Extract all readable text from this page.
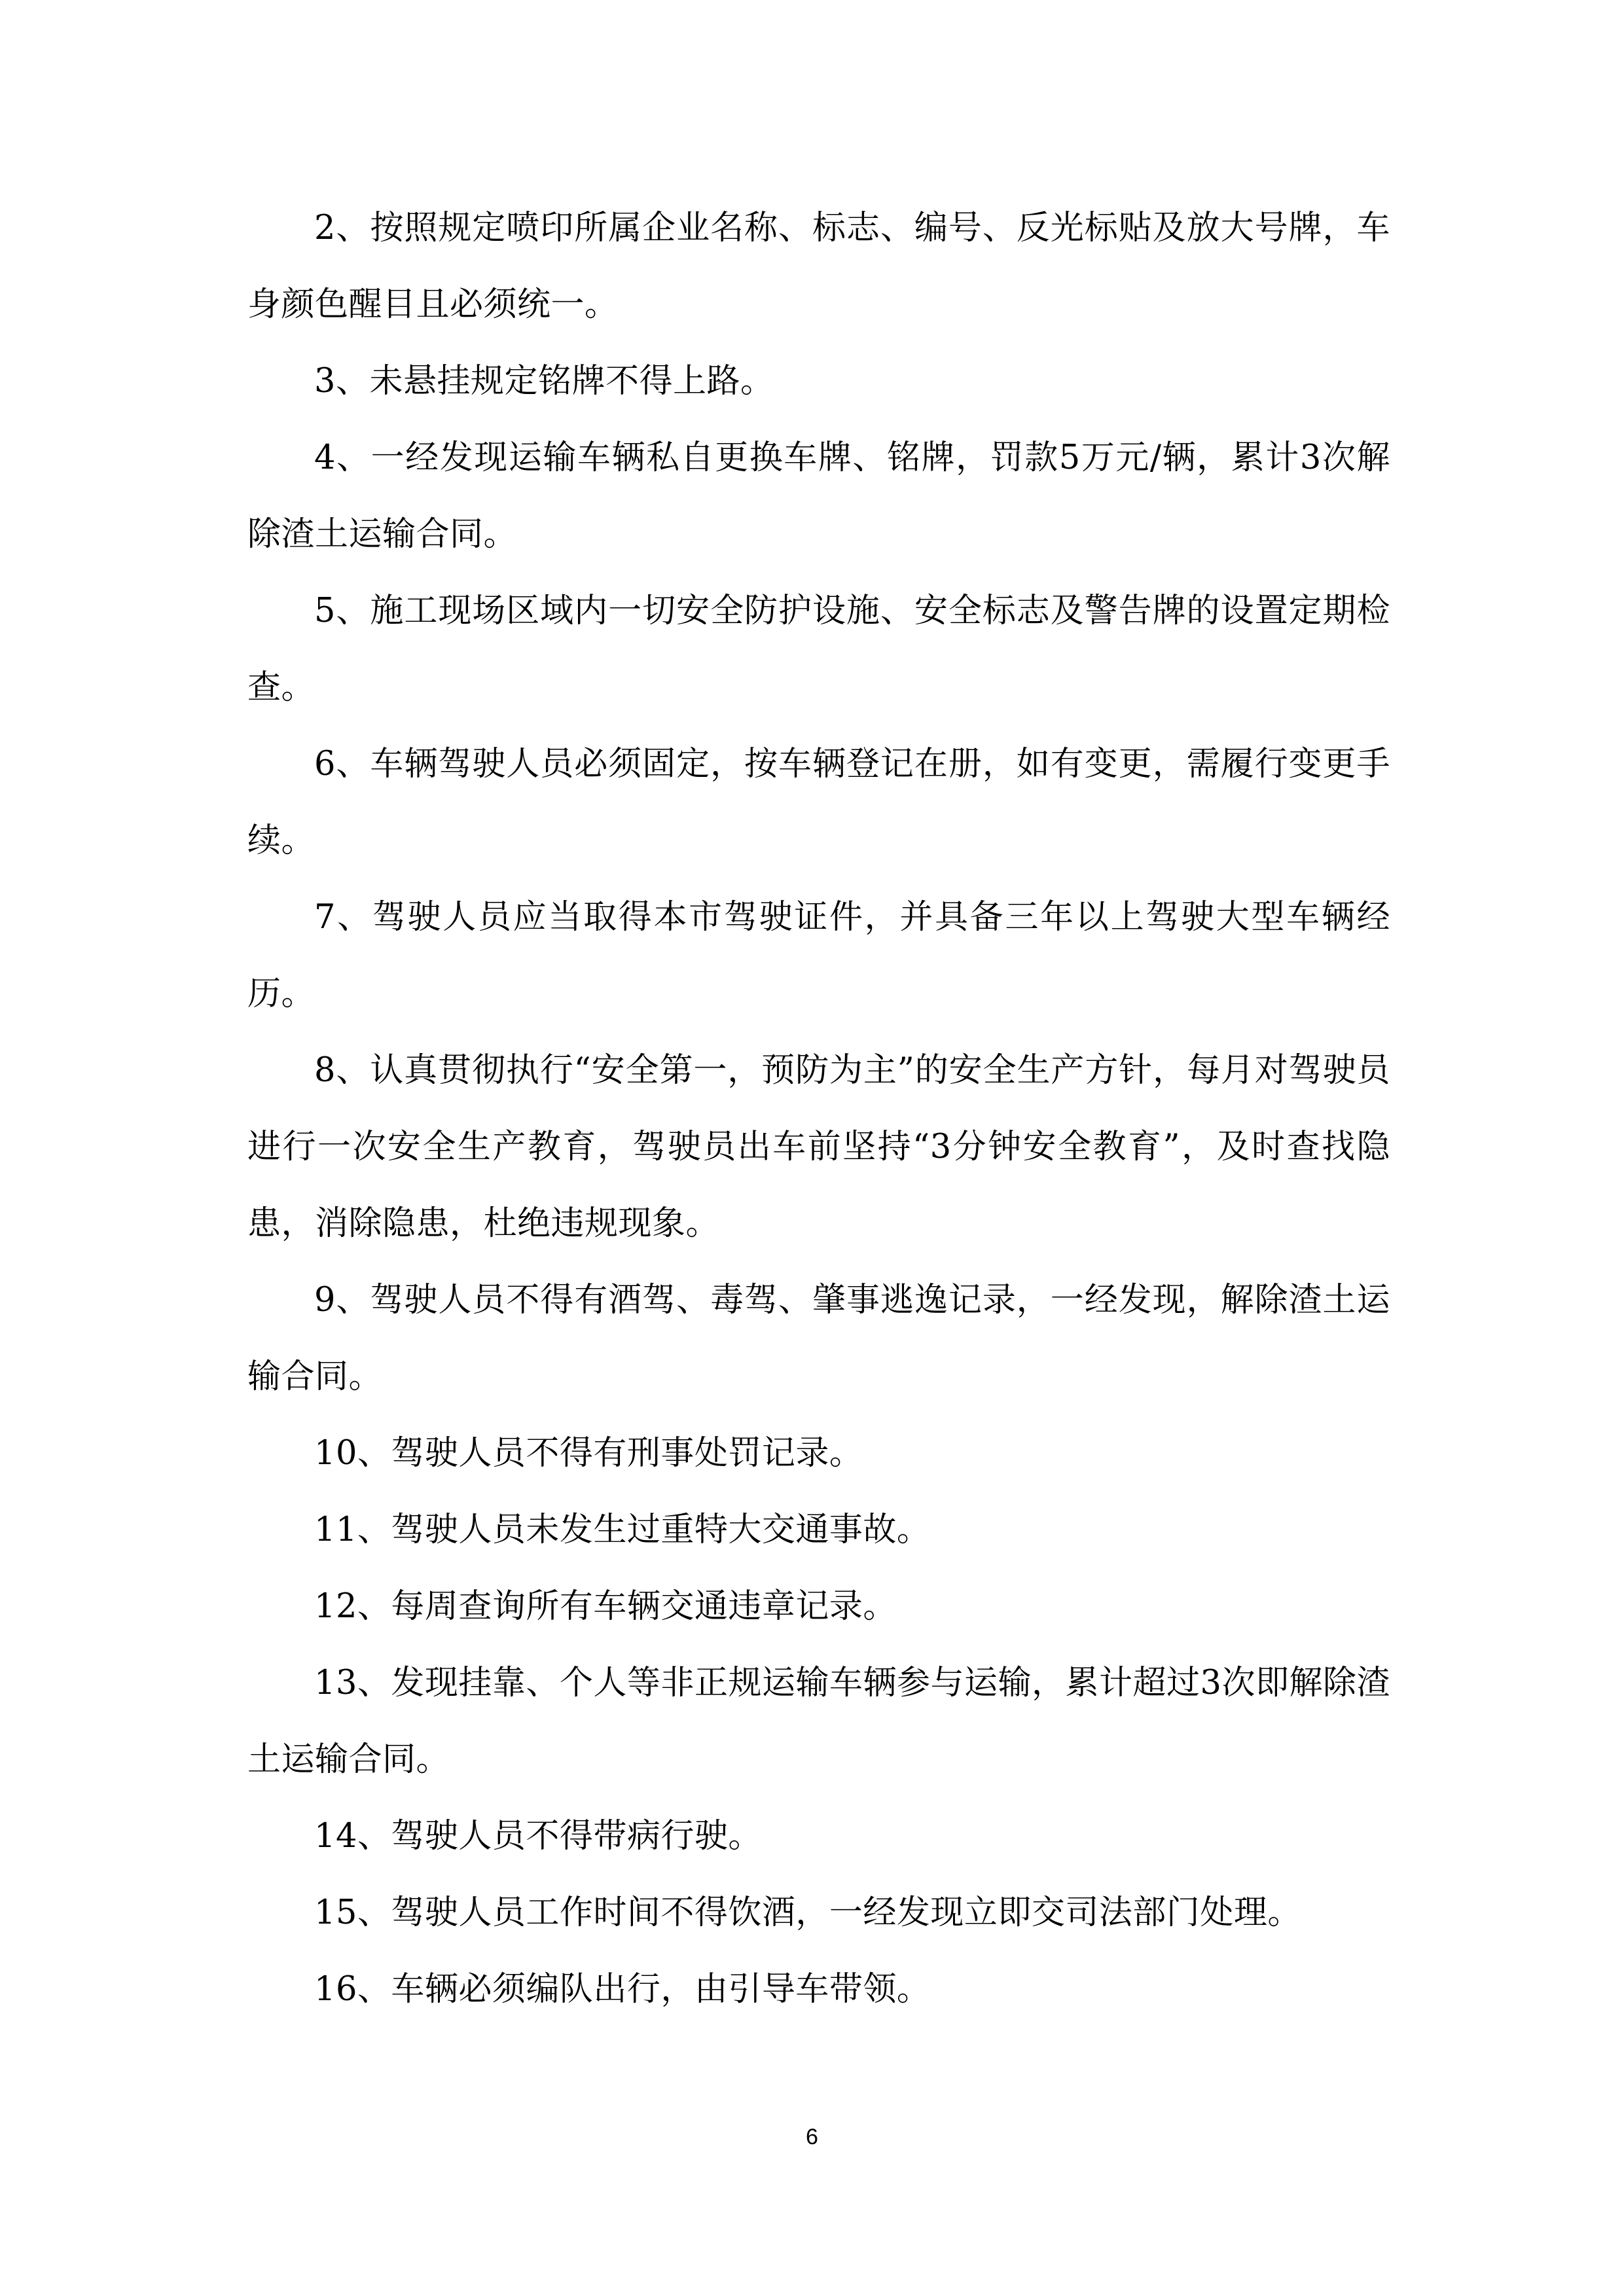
2、按照规定喷印所属企业名称、标志、编号、反光标贴及放大号牌，车身颜色醒目且必须统一。

3、未悬挂规定铭牌不得上路。

4、一经发现运输车辆私自更换车牌、铭牌，罚款5万元/辆，累计3次解除渣土运输合同。

5、施工现场区域内一切安全防护设施、安全标志及警告牌的设置定期检查。

6、车辆驾驶人员必须固定，按车辆登记在册，如有变更，需履行变更手续。

7、驾驶人员应当取得本市驾驶证件，并具备三年以上驾驶大型车辆经历。

8、认真贯彻执行“安全第一，预防为主”的安全生产方针，每月对驾驶员进行一次安全生产教育，驾驶员出车前坚持“3分钟安全教育”，及时查找隐患，消除隐患，杜绝违规现象。

9、驾驶人员不得有酒驾、毒驾、肇事逃逸记录，一经发现，解除渣土运输合同。

10、驾驶人员不得有刑事处罚记录。

11、驾驶人员未发生过重特大交通事故。

12、每周查询所有车辆交通违章记录。

13、发现挂靠、个人等非正规运输车辆参与运输，累计超过3次即解除渣土运输合同。

14、驾驶人员不得带病行驶。

15、驾驶人员工作时间不得饮酒，一经发现立即交司法部门处理。

16、车辆必须编队出行，由引导车带领。

6
